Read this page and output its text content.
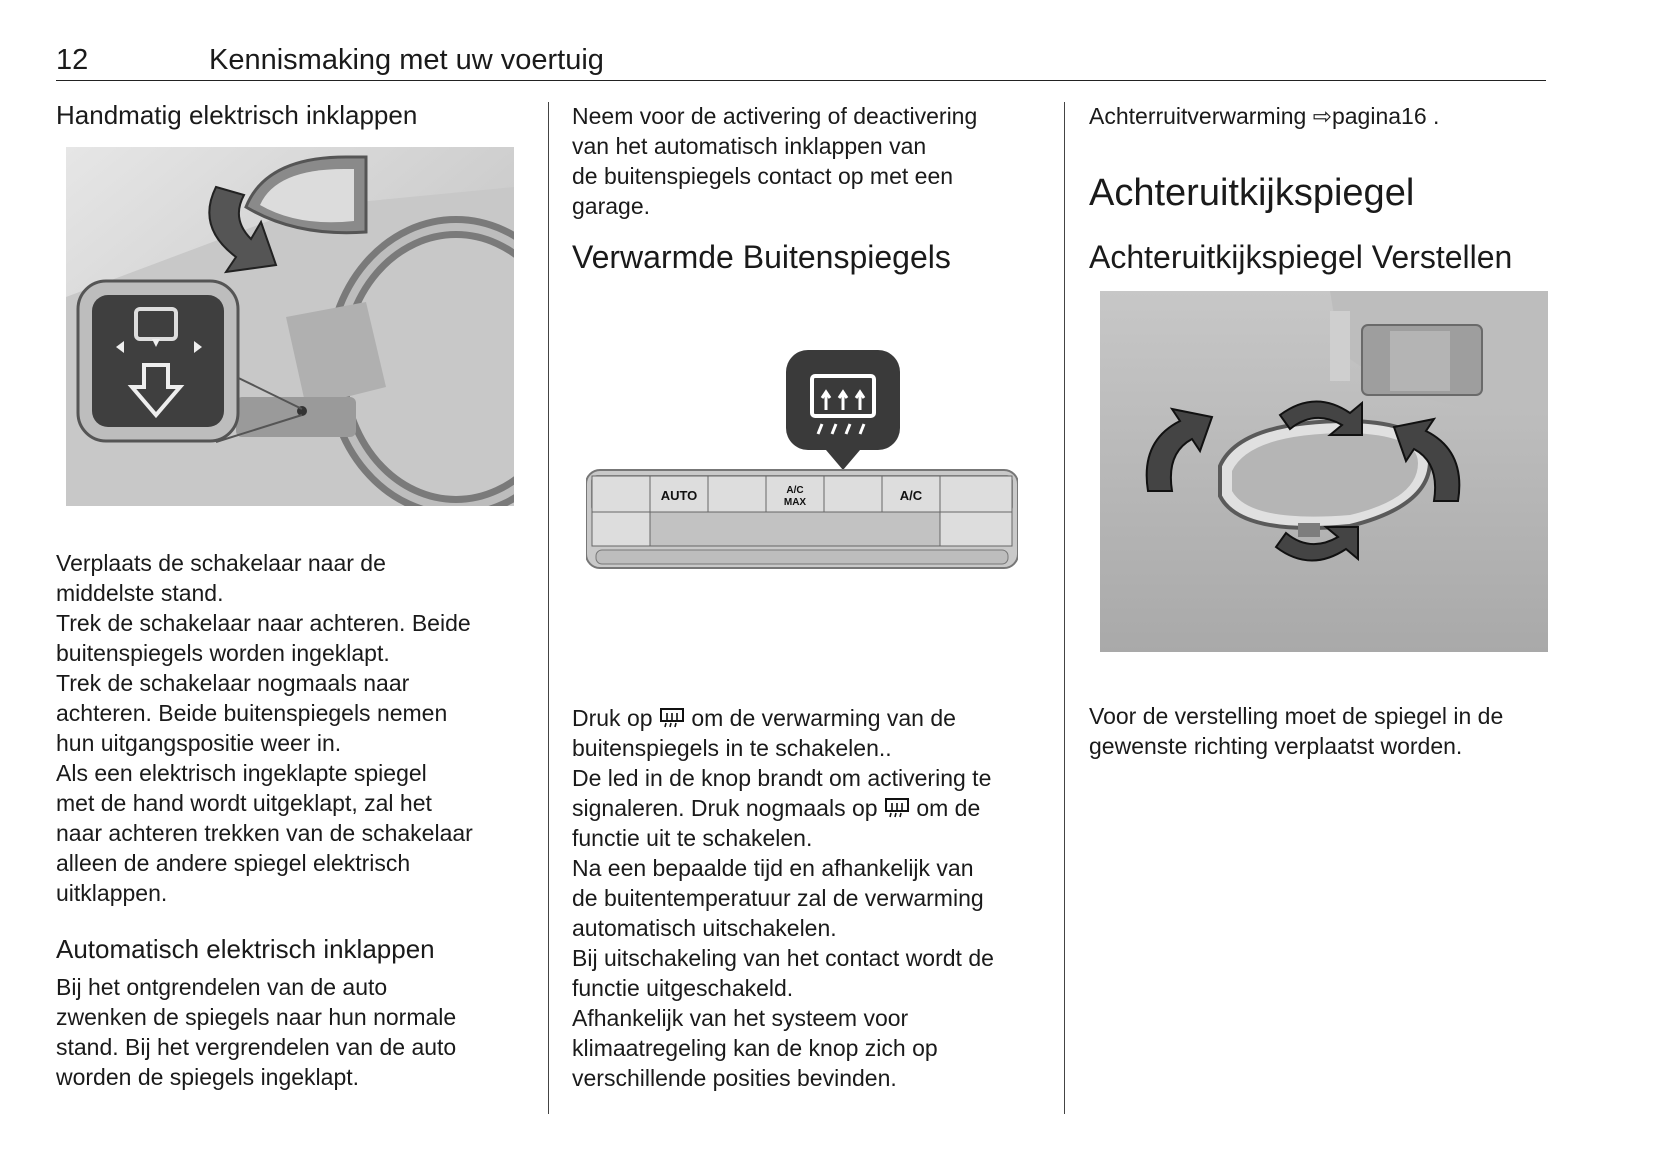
12	Kennismaking met uw voertuig
Handmatig elektrisch inklappen

Verplaats de schakelaar naar de

middelste stand.

Trek de schakelaar naar achteren. Beide

buitenspiegels worden ingeklapt.

Trek de schakelaar nogmaals naar

achteren. Beide buitenspiegels nemen

hun uitgangspositie weer in.

Als een elektrisch ingeklapte spiegel

met de hand wordt uitgeklapt, zal het

naar achteren trekken van de schakelaar

alleen de andere spiegel elektrisch

uitklappen.

Automatisch elektrisch inklappen

Bij het ontgrendelen van de auto

zwenken de spiegels naar hun normale

stand. Bij het vergrendelen van de auto

worden de spiegels ingeklapt.

Neem voor de activering of deactivering

van het automatisch inklappen van

de buitenspiegels contact op met een

garage.

Verwarmde Buitenspiegels
AUTO	A/C
MAX	A/C

Druk op  om de verwarming van de

buitenspiegels in te schakelen..

De led in de knop brandt om activering te

signaleren. Druk nogmaals op  om de

functie uit te schakelen.

Na een bepaalde tijd en afhankelijk van

de buitentemperatuur zal de verwarming

automatisch uitschakelen.

Bij uitschakeling van het contact wordt de

functie uitgeschakeld.

Afhankelijk van het systeem voor

klimaatregeling kan de knop zich op

verschillende posities bevinden.

Achterruitverwarming ⇨pagina16 .

Achteruitkijkspiegel
Achteruitkijkspiegel Verstellen

Voor de verstelling moet de spiegel in de

gewenste richting verplaatst worden.
